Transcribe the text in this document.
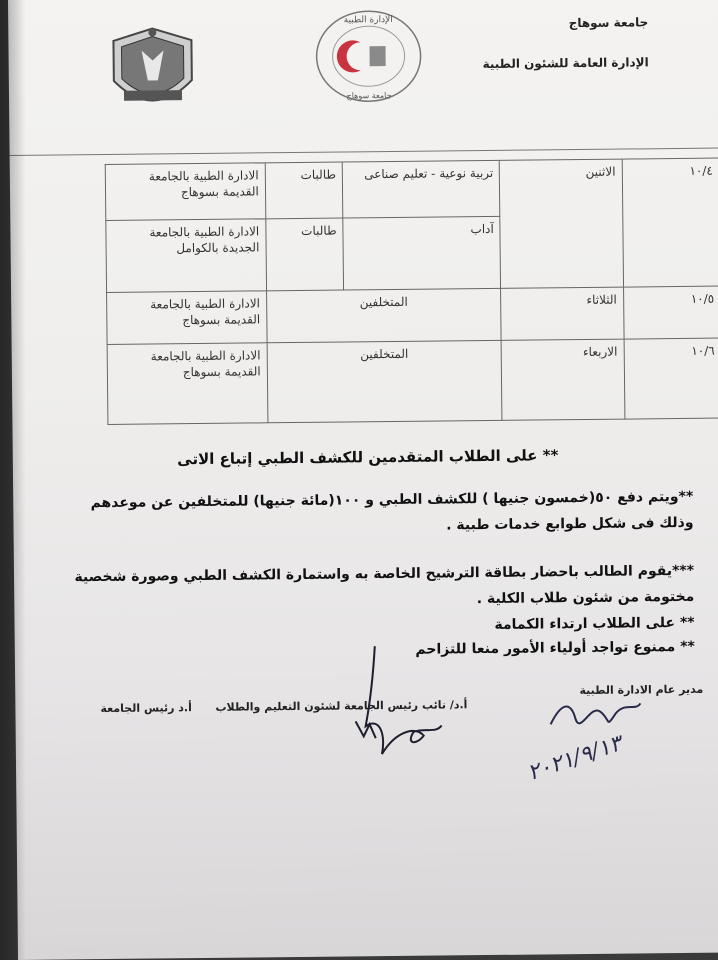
جامعة سوهاج
الإدارة العامة للشئون الطبية
الإدارة الطبية
جامعة سوهاج
١٠/٤	الاثنين	تربية نوعية - تعليم صناعى	طالبات	الادارة الطبية بالجامعة القديمة بسوهاج
		آداب	طالبات	الادارة الطبية بالجامعة الجديدة بالكوامل
١٠/٥	الثلاثاء	المتخلفين		الادارة الطبية بالجامعة القديمة بسوهاج
١٠/٦	الاربعاء	المتخلفين		الادارة الطبية بالجامعة القديمة بسوهاج
** على الطلاب المتقدمين للكشف الطبي إتباع الاتى
**ويتم دفع ٥٠(خمسون جنيها ) للكشف الطبي و ١٠٠(مائة جنيها) للمتخلفين عن موعدهم
وذلك فى شكل طوابع خدمات طبية .
***يقوم الطالب باحضار بطاقة الترشيح الخاصة به واستمارة الكشف الطبي وصورة شخصية
مختومة من شئون طلاب الكلية .
** على الطلاب ارتداء الكمامة
** ممنوع تواجد أولياء الأمور منعا للتزاحم
مدير عام الادارة الطبية
أ.د/ نائب رئيس الجامعة لشئون التعليم والطلاب
أ.د رئيس الجامعة
٢٠٢١/٩/١٣
